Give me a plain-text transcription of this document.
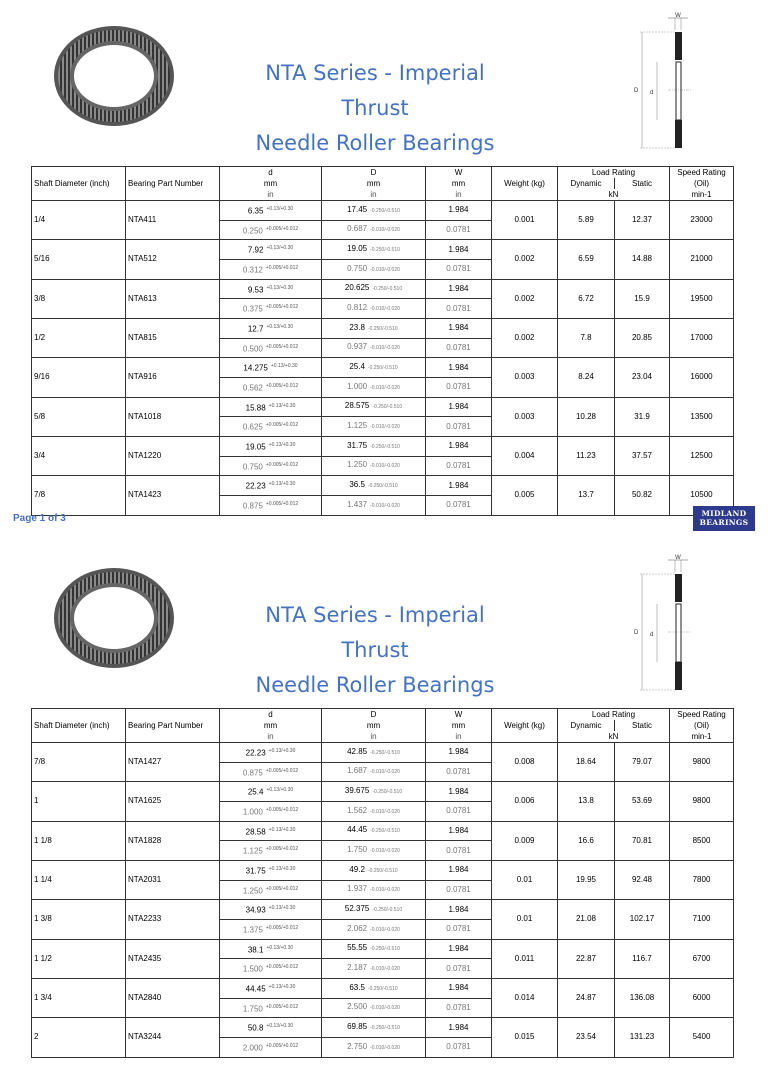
NTA Series - Imperial Thrust
Needle Roller Bearings
W
D d
Shaft Diameter (inch)	Bearing Part Number	d	D	W	Weight (kg)	Load Rating		Speed Rating
		mm	mm	mm		Dynamic	Static	(Oil)
		in	in	in		kN		min-1
1/4	NTA411	6.35 $^{+0.13/+0.30}$	17.45 -0.250/-0.510	1.984	0.001	5.89	12.37	23000
		0.250 $^{+0.005/+0.012}$	0.687 -0.010/-0.020	0.0781				
5/16	NTA512	7.92 $^{+0.13/+0.30}$	19.05 -0.250/-0.510	1.984	0.002	6.59	14.88	21000
		0.312 $^{+0.005/+0.012}$	0.750 -0.010/-0.020	0.0781				
3/8	NTA613	9.53 $^{+0.13/+0.30}$	20.625 -0.250/-0.510	1.984	0.002	6.72	15.9	19500
		0.375 $^{+0.005/+0.012}$	0.812 -0.010/-0.020	0.0781				
1/2	NTA815	12.7 $^{+0.13/+0.30}$	23.8 -0.250/-0.510	1.984	0.002	7.8	20.85	17000
		0.500 $^{+0.005/+0.012}$	0.937 -0.010/-0.020	0.0781				
9/16	NTA916	14.275 $^{+0.13/+0.30}$	25.4 -0.250/-0.510	1.984	0.003	8.24	23.04	16000
		0.562 $^{+0.005/+0.012}$	1.000 -0.010/-0.020	0.0781				
5/8	NTA1018	15.88 $^{+0.13/+0.30}$	28.575 -0.250/-0.510	1.984	0.003	10.28	31.9	13500
		0.625 $^{+0.005/+0.012}$	1.125 -0.010/-0.020	0.0781				
3/4	NTA1220	19.05 $^{+0.13/+0.30}$	31.75 -0.250/-0.510	1.984	0.004	11.23	37.57	12500
		0.750 $^{+0.005/+0.012}$	1.250 -0.010/-0.020	0.0781				
7/8	NTA1423	22.23 $^{+0.13/+0.30}$	36.5 -0.250/-0.510	1.984	0.005	13.7	50.82	10500
		0.875 $^{+0.005/+0.012}$	1.437 -0.010/-0.020	0.0781				
Page 1 of 3	MIDLAND
BEARINGS
NTA Series - Imperial Thrust
Needle Roller Bearings
W
D d
Shaft Diameter (inch)	Bearing Part Number	d	D	W	Weight (kg)	Load Rating		Speed Rating
		mm	mm	mm		Dynamic	Static	(Oil)
		in	in	in		kN		min-1
7/8	NTA1427	22.23 $^{+0.13/+0.30}$	42.85 -0.250/-0.510	1.984	0.008	18.64	79.07	9800
		0.875 $^{+0.005/+0.012}$	1.687 -0.010/-0.020	0.0781				
1	NTA1625	25.4 $^{+0.13/+0.30}$	39.675 -0.250/-0.510	1.984	0.006	13.8	53.69	9800
		1.000 $^{+0.005/+0.012}$	1.562 -0.010/-0.020	0.0781				
1 1/8	NTA1828	28.58 $^{+0.13/+0.30}$	44.45 -0.250/-0.510	1.984	0.009	16.6	70.81	8500
		1.125 $^{+0.005/+0.012}$	1.750 -0.010/-0.020	0.0781				
1 1/4	NTA2031	31.75 $^{+0.13/+0.30}$	49.2 -0.250/-0.510	1.984	0.01	19.95	92.48	7800
		1.250 $^{+0.005/+0.012}$	1.937 -0.010/-0.020	0.0781				
1 3/8	NTA2233	34.93 $^{+0.13/+0.30}$	52.375 -0.250/-0.510	1.984	0.01	21.08	102.17	7100
		1.375 $^{+0.005/+0.012}$	2.062 -0.010/-0.020	0.0781				
1 1/2	NTA2435	38.1 $^{+0.13/+0.30}$	55.55 -0.250/-0.510	1.984	0.011	22.87	116.7	6700
		1.500 $^{+0.005/+0.012}$	2.187 -0.010/-0.020	0.0781				
1 3/4	NTA2840	44.45 $^{+0.13/+0.30}$	63.5 -0.250/-0.510	1.984	0.014	24.87	136.08	6000
		1.750 $^{+0.005/+0.012}$	2.500 -0.010/-0.020	0.0781				
2	NTA3244	50.8 $^{+0.13/+0.30}$	69.85 -0.250/-0.510	1.984	0.015	23.54	131.23	5400
		2.000 $^{+0.005/+0.012}$	2.750 -0.010/-0.020	0.0781				
